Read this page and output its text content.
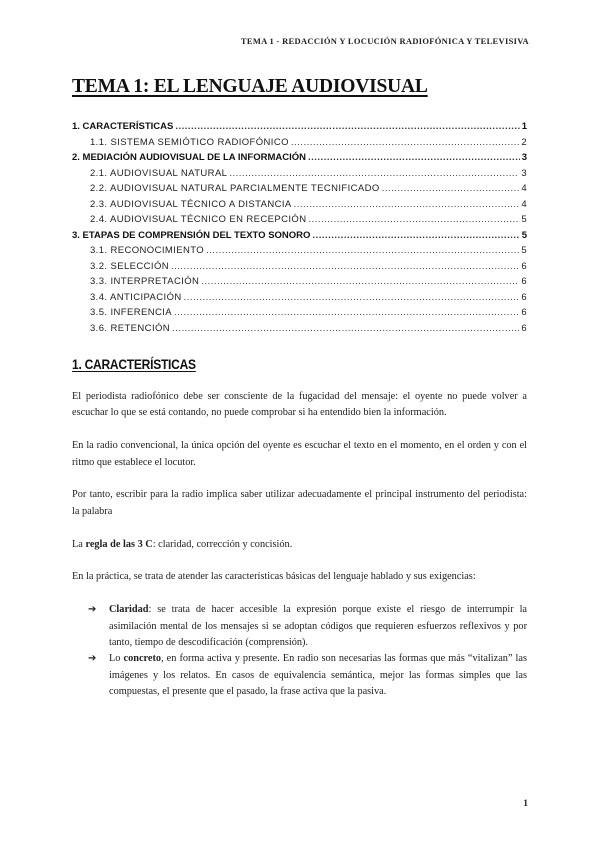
TEMA 1 - REDACCIÓN Y LOCUCIÓN RADIOFÓNICA Y TELEVISIVA
TEMA 1: EL LENGUAJE AUDIOVISUAL
1. CARACTERÍSTICAS .....	1
1.1. SISTEMA SEMIÓTICO RADIOFÓNICO .....	2
2. MEDIACIÓN AUDIOVISUAL DE LA INFORMACIÓN .....	3
2.1. AUDIOVISUAL NATURAL .....	3
2.2. AUDIOVISUAL NATURAL PARCIALMENTE TECNIFICADO .....	4
2.3. AUDIOVISUAL TÉCNICO A DISTANCIA .....	4
2.4. AUDIOVISUAL TÉCNICO EN RECEPCIÓN .....	5
3. ETAPAS DE COMPRENSIÓN DEL TEXTO SONORO .....	5
3.1. RECONOCIMIENTO .....	5
3.2. SELECCIÓN .....	6
3.3. INTERPRETACIÓN .....	6
3.4. ANTICIPACIÓN .....	6
3.5. INFERENCIA .....	6
3.6. RETENCIÓN .....	6
1. CARACTERÍSTICAS

El periodista radiofónico debe ser consciente de la fugacidad del mensaje: el oyente no puede volver a escuchar lo que se está contando, no puede comprobar si ha entendido bien la información.

En la radio convencional, la única opción del oyente es escuchar el texto en el momento, en el orden y con el ritmo que establece el locutor.

Por tanto, escribir para la radio implica saber utilizar adecuadamente el principal instrumento del periodista: la palabra

La regla de las 3 C: claridad, corrección y concisión.

En la práctica, se trata de atender las características básicas del lenguaje hablado y sus exigencias:

➔ Claridad: se trata de hacer accesible la expresión porque existe el riesgo de interrumpir la asimilación mental de los mensajes si se adoptan códigos que requieren esfuerzos reflexivos y por tanto, tiempo de descodificación (comprensión).
➔ Lo concreto, en forma activa y presente. En radio son necesarias las formas que más “vitalizan” las imágenes y los relatos. En casos de equivalencia semántica, mejor las formas simples que las compuestas, el presente que el pasado, la frase activa que la pasiva.
1
